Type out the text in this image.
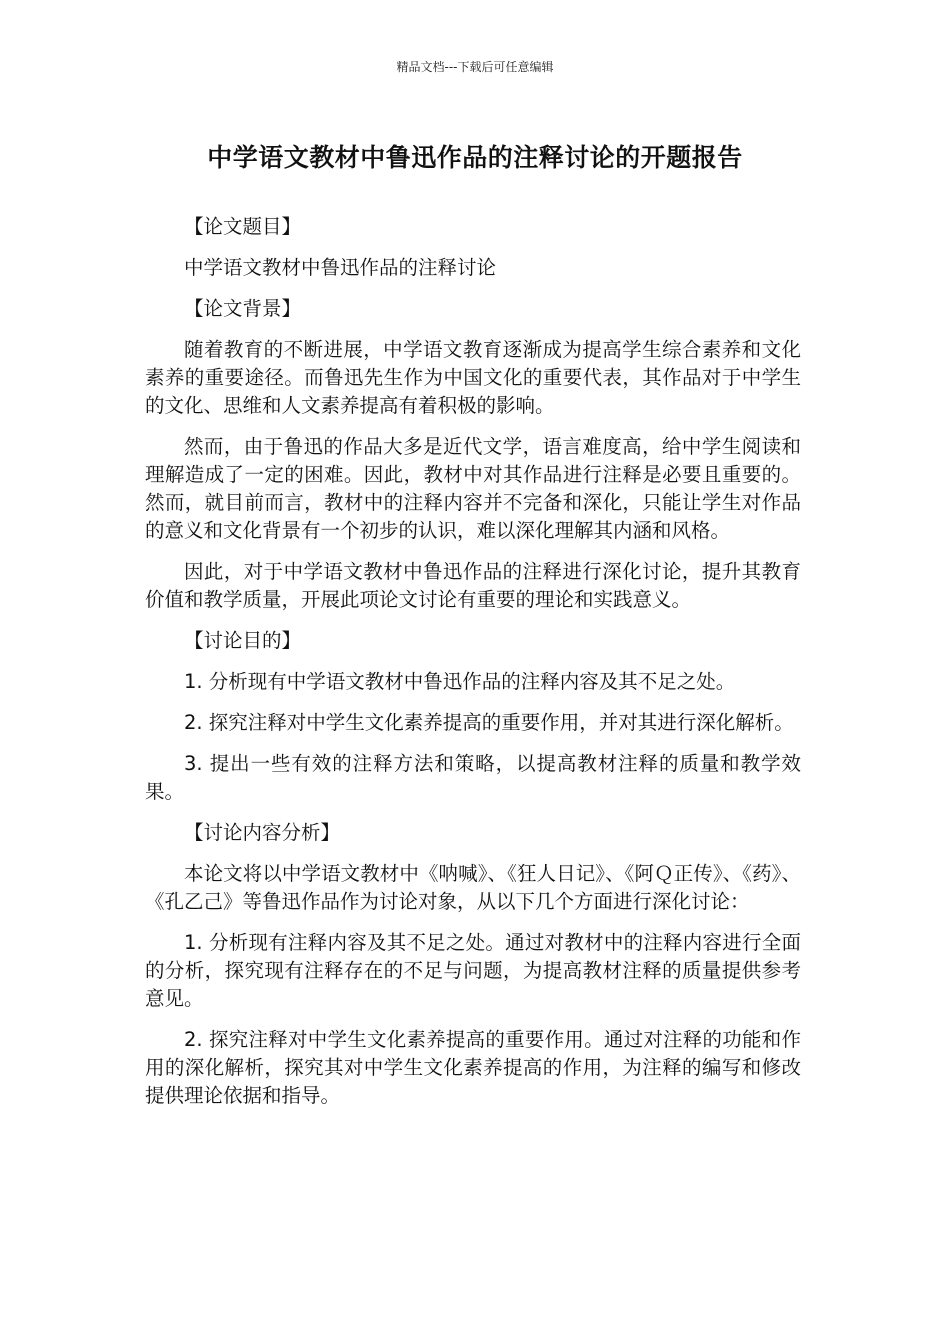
精品文档---下载后可任意编辑
中学语文教材中鲁迅作品的注释讨论的开题报告
【论文题目】
中学语文教材中鲁迅作品的注释讨论
【论文背景】

随着教育的不断进展，中学语文教育逐渐成为提高学生综合素养和文化素养的重要途径。而鲁迅先生作为中国文化的重要代表，其作品对于中学生的文化、思维和人文素养提高有着积极的影响。

然而，由于鲁迅的作品大多是近代文学，语言难度高，给中学生阅读和理解造成了一定的困难。因此，教材中对其作品进行注释是必要且重要的。然而，就目前而言，教材中的注释内容并不完备和深化，只能让学生对作品的意义和文化背景有一个初步的认识，难以深化理解其内涵和风格。

因此，对于中学语文教材中鲁迅作品的注释进行深化讨论，提升其教育价值和教学质量，开展此项论文讨论有重要的理论和实践意义。

【讨论目的】

1. 分析现有中学语文教材中鲁迅作品的注释内容及其不足之处。

2. 探究注释对中学生文化素养提高的重要作用，并对其进行深化解析。

3. 提出一些有效的注释方法和策略，以提高教材注释的质量和教学效果。

【讨论内容分析】

本论文将以中学语文教材中《呐喊》、《狂人日记》、《阿Ｑ正传》、《药》、《孔乙己》等鲁迅作品作为讨论对象，从以下几个方面进行深化讨论：

1. 分析现有注释内容及其不足之处。通过对教材中的注释内容进行全面的分析，探究现有注释存在的不足与问题，为提高教材注释的质量提供参考意见。

2. 探究注释对中学生文化素养提高的重要作用。通过对注释的功能和作用的深化解析，探究其对中学生文化素养提高的作用，为注释的编写和修改提供理论依据和指导。
